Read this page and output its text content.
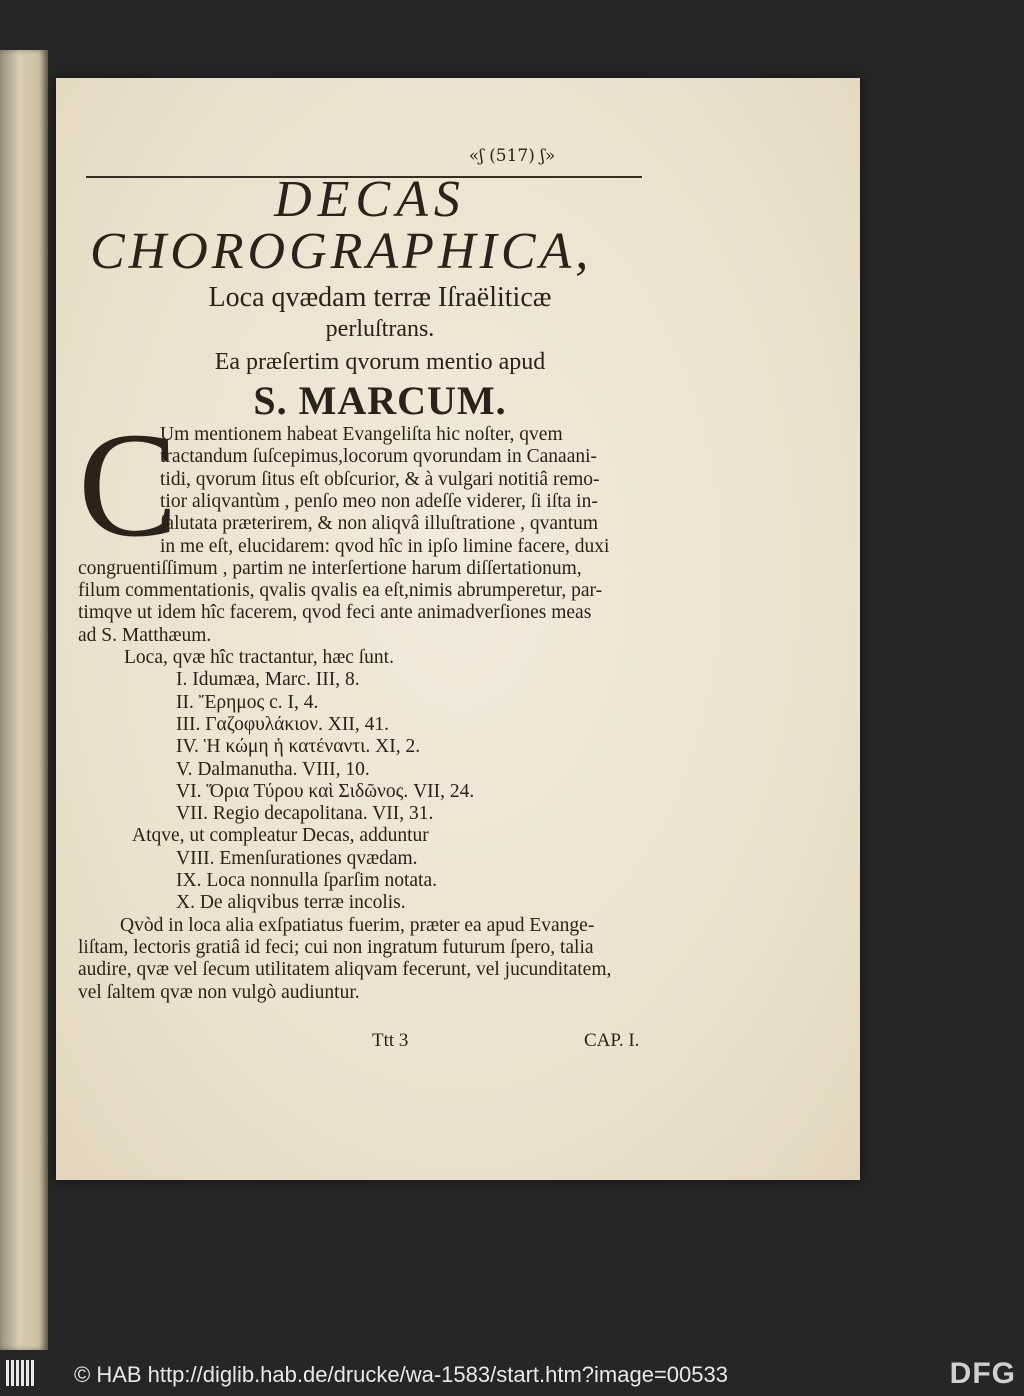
«ʃ (517) ʃ»
DECAS
CHOROGRAPHICA,
Loca qvædam terræ Iſraëliticæ
perluſtrans.
Ea præſertim qvorum mentio apud
S. MARCUM.
C
Um mentionem habeat Evangeliſta hic noſter, qvem
tractandum ſuſcepimus,locorum qvorundam in Canaani-
tidi, qvorum ſitus eſt obſcurior, & à vulgari notitiâ remo-
tior aliqvantùm , penſo meo non adeſſe viderer, ſi iſta in-
ſalutata præterirem, & non aliqvâ illuſtratione , qvantum
in me eſt, elucidarem: qvod hîc in ipſo limine facere, duxi
congruentiſſimum , partim ne interſertione harum diſſertationum,
filum commentationis, qvalis qvalis ea eſt,nimis abrumperetur, par-
timqve ut idem hîc facerem, qvod feci ante animadverſiones meas
ad S. Matthæum.
Loca, qvæ hîc tractantur, hæc ſunt.
I. Idumæa, Marc. III, 8.
II. Ἔρημος c. I, 4.
III. Γαζοφυλάκιον. XII, 41.
IV. Ἡ κώμη ἡ κατέναντι. XI, 2.
V. Dalmanutha. VIII, 10.
VI. Ὅρια Τύρου καὶ Σιδῶνος. VII, 24.
VII. Regio decapolitana. VII, 31.
Atqve, ut compleatur Decas, adduntur
VIII. Emenſurationes qvædam.
IX. Loca nonnulla ſparſim notata.
X. De aliqvibus terræ incolis.
Qvòd in loca alia exſpatiatus fuerim, præter ea apud Evange-
liſtam, lectoris gratiâ id feci; cui non ingratum futurum ſpero, talia
audire, qvæ vel ſecum utilitatem aliqvam fecerunt, vel jucunditatem,
vel ſaltem qvæ non vulgò audiuntur.
Ttt 3	CAP. I.
© HAB http://diglib.hab.de/drucke/wa-1583/start.htm?image=00533	DFG
